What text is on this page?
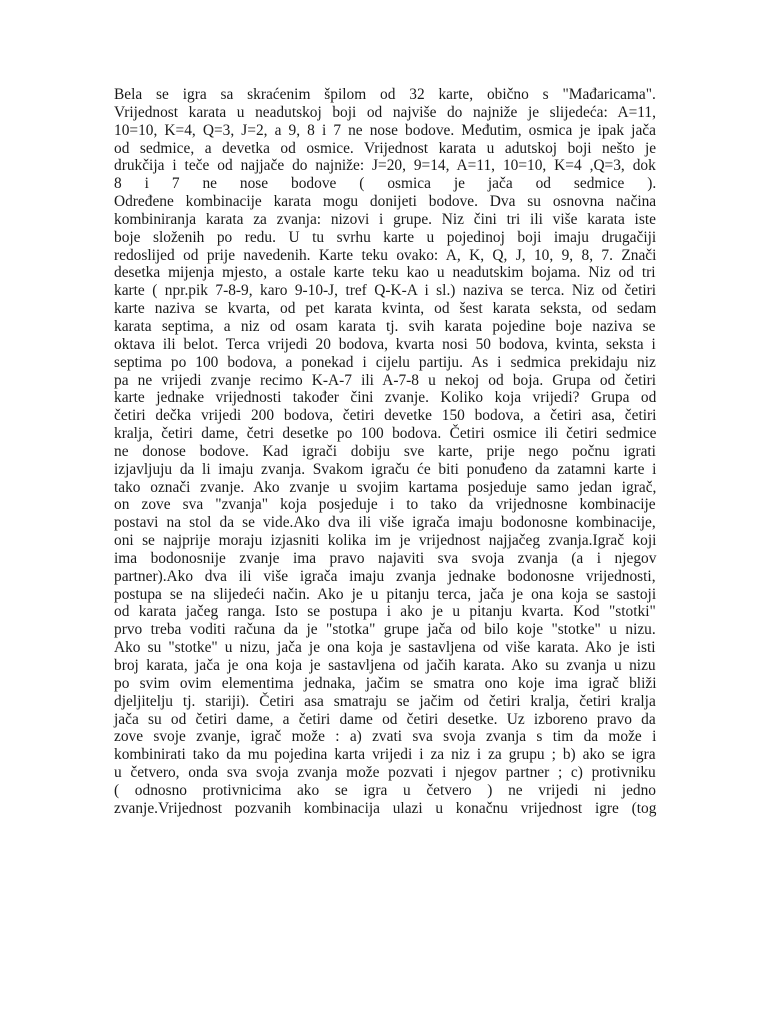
Bela se igra sa skraćenim špilom od 32 karte, obično s "Mađaricama".
Vrijednost karata u neadutskoj boji od najviše do najniže je slijedeća: A=11,
10=10, K=4, Q=3, J=2, a 9, 8 i 7 ne nose bodove. Međutim, osmica je ipak jača
od sedmice, a devetka od osmice. Vrijednost karata u adutskoj boji nešto je
drukčija i teče od najjače do najniže: J=20, 9=14, A=11, 10=10, K=4 ,Q=3, dok
8 i 7 ne nose bodove ( osmica je jača od sedmice ).
Određene kombinacije karata mogu donijeti bodove. Dva su osnovna načina
kombiniranja karata za zvanja: nizovi i grupe. Niz čini tri ili više karata iste
boje složenih po redu. U tu svrhu karte u pojedinoj boji imaju drugačiji
redoslijed od prije navedenih. Karte teku ovako: A, K, Q, J, 10, 9, 8, 7. Znači
desetka mijenja mjesto, a ostale karte teku kao u neadutskim bojama. Niz od tri
karte ( npr.pik 7-8-9, karo 9-10-J, tref Q-K-A i sl.) naziva se terca. Niz od četiri
karte naziva se kvarta, od pet karata kvinta, od šest karata seksta, od sedam
karata septima, a niz od osam karata tj. svih karata pojedine boje naziva se
oktava ili belot. Terca vrijedi 20 bodova, kvarta nosi 50 bodova, kvinta, seksta i
septima po 100 bodova, a ponekad i cijelu partiju. As i sedmica prekidaju niz
pa ne vrijedi zvanje recimo K-A-7 ili A-7-8 u nekoj od boja. Grupa od četiri
karte jednake vrijednosti također čini zvanje. Koliko koja vrijedi? Grupa od
četiri dečka vrijedi 200 bodova, četiri devetke 150 bodova, a četiri asa, četiri
kralja, četiri dame, četri desetke po 100 bodova. Četiri osmice ili četiri sedmice
ne donose bodove. Kad igrači dobiju sve karte, prije nego počnu igrati
izjavljuju da li imaju zvanja. Svakom igraču će biti ponuđeno da zatamni karte i
tako označi zvanje. Ako zvanje u svojim kartama posjeduje samo jedan igrač,
on zove sva "zvanja" koja posjeduje i to tako da vrijednosne kombinacije
postavi na stol da se vide.Ako dva ili više igrača imaju bodonosne kombinacije,
oni se najprije moraju izjasniti kolika im je vrijednost najjačeg zvanja.Igrač koji
ima bodonosnije zvanje ima pravo najaviti sva svoja zvanja (a i njegov
partner).Ako dva ili više igrača imaju zvanja jednake bodonosne vrijednosti,
postupa se na slijedeći način. Ako je u pitanju terca, jača je ona koja se sastoji
od karata jačeg ranga. Isto se postupa i ako je u pitanju kvarta. Kod "stotki"
prvo treba voditi računa da je "stotka" grupe jača od bilo koje "stotke" u nizu.
Ako su "stotke" u nizu, jača je ona koja je sastavljena od više karata. Ako je isti
broj karata, jača je ona koja je sastavljena od jačih karata. Ako su zvanja u nizu
po svim ovim elementima jednaka, jačim se smatra ono koje ima igrač bliži
djeljitelju tj. stariji). Četiri asa smatraju se jačim od četiri kralja, četiri kralja
jača su od četiri dame, a četiri dame od četiri desetke. Uz izboreno pravo da
zove svoje zvanje, igrač može : a) zvati sva svoja zvanja s tim da može i
kombinirati tako da mu pojedina karta vrijedi i za niz i za grupu ; b) ako se igra
u četvero, onda sva svoja zvanja može pozvati i njegov partner ; c) protivniku
( odnosno protivnicima ako se igra u četvero ) ne vrijedi ni jedno
zvanje.Vrijednost pozvanih kombinacija ulazi u konačnu vrijednost igre (tog
